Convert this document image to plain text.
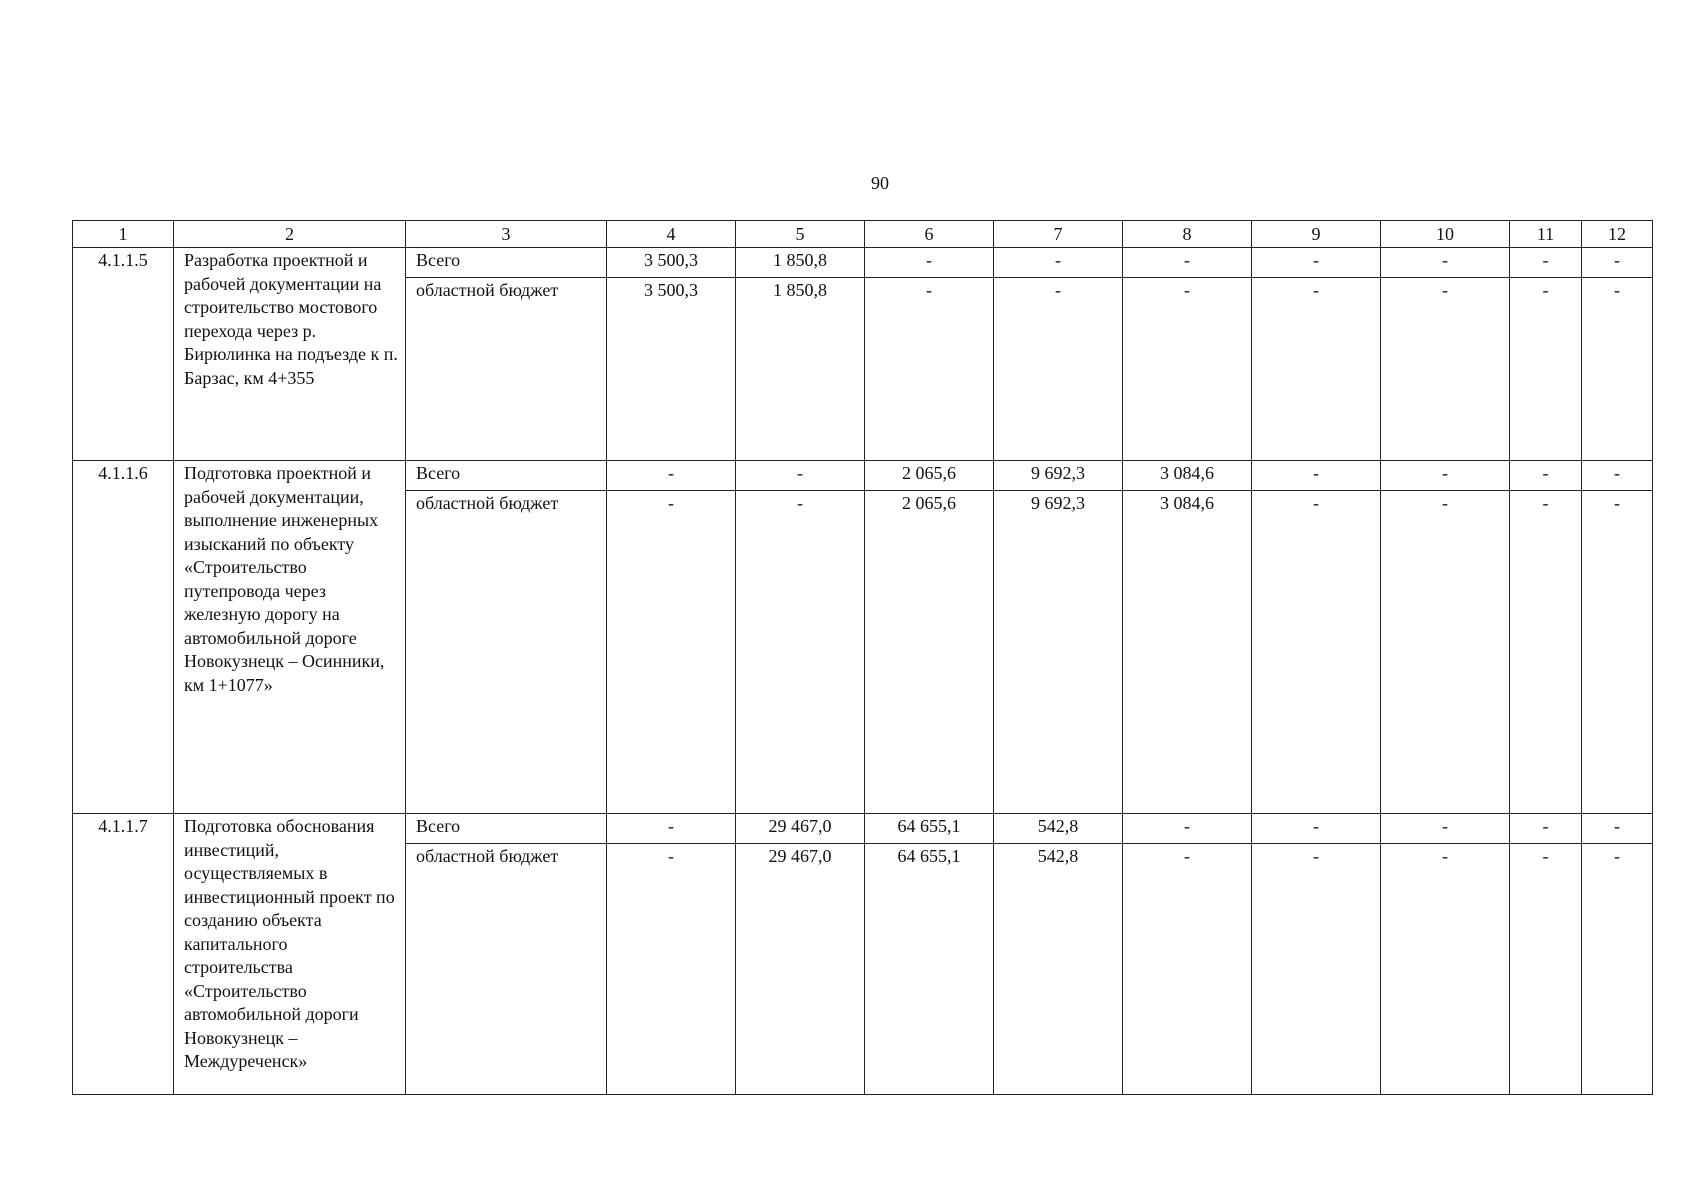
90
1	2	3	4	5	6	7	8	9	10	11	12
4.1.1.5	Разработка проектной и рабочей документации на строительство мостового перехода через р. Бирюлинка на подъезде к п. Барзас, км 4+355	Всего	3 500,3	1 850,8	-	-	-	-	-	-	-
		областной бюджет	3 500,3	1 850,8	-	-	-	-	-	-	-
4.1.1.6	Подготовка проектной и рабочей документации, выполнение инженерных изысканий по объекту «Строительство путепровода через железную дорогу на автомобильной дороге Новокузнецк – Осинники, км 1+1077»	Всего	-	-	2 065,6	9 692,3	3 084,6	-	-	-	-
		областной бюджет	-	-	2 065,6	9 692,3	3 084,6	-	-	-	-
4.1.1.7	Подготовка обоснования инвестиций, осуществляемых в инвестиционный проект по созданию объекта капитального строительства «Строительство автомобильной дороги Новокузнецк – Междуреченск»	Всего	-	29 467,0	64 655,1	542,8	-	-	-	-	-
		областной бюджет	-	29 467,0	64 655,1	542,8	-	-	-	-	-
